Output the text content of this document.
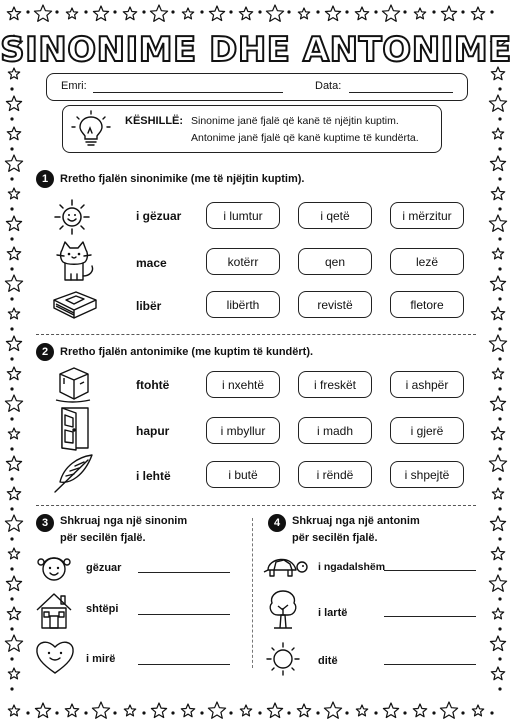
SINONIME DHE ANTONIME
Emri:	Data:
KËSHILLË: Sinonime janë fjalë që kanë të njëjtin kuptim.
Antonime janë fjalë që kanë kuptime të kundërta.
1	Rretho fjalën sinonimike (me të njëjtin kuptim).
i gëzuar	i lumtur	i qetë	i mërzitur
mace	kotërr	qen	lezë
libër	libërth	revistë	fletore
2	Rretho fjalën antonimike (me kuptim të kundërt).
ftohtë	i nxehtë	i freskët	i ashpër
hapur	i mbyllur	i madh	i gjerë
i lehtë	i butë	i rëndë	i shpejtë
3	Shkruaj nga një sinonim
për secilën fjalë.
gëzuar
shtëpi
i mirë
4	Shkruaj nga një antonim
për secilën fjalë.
i ngadalshëm
i lartë
ditë
